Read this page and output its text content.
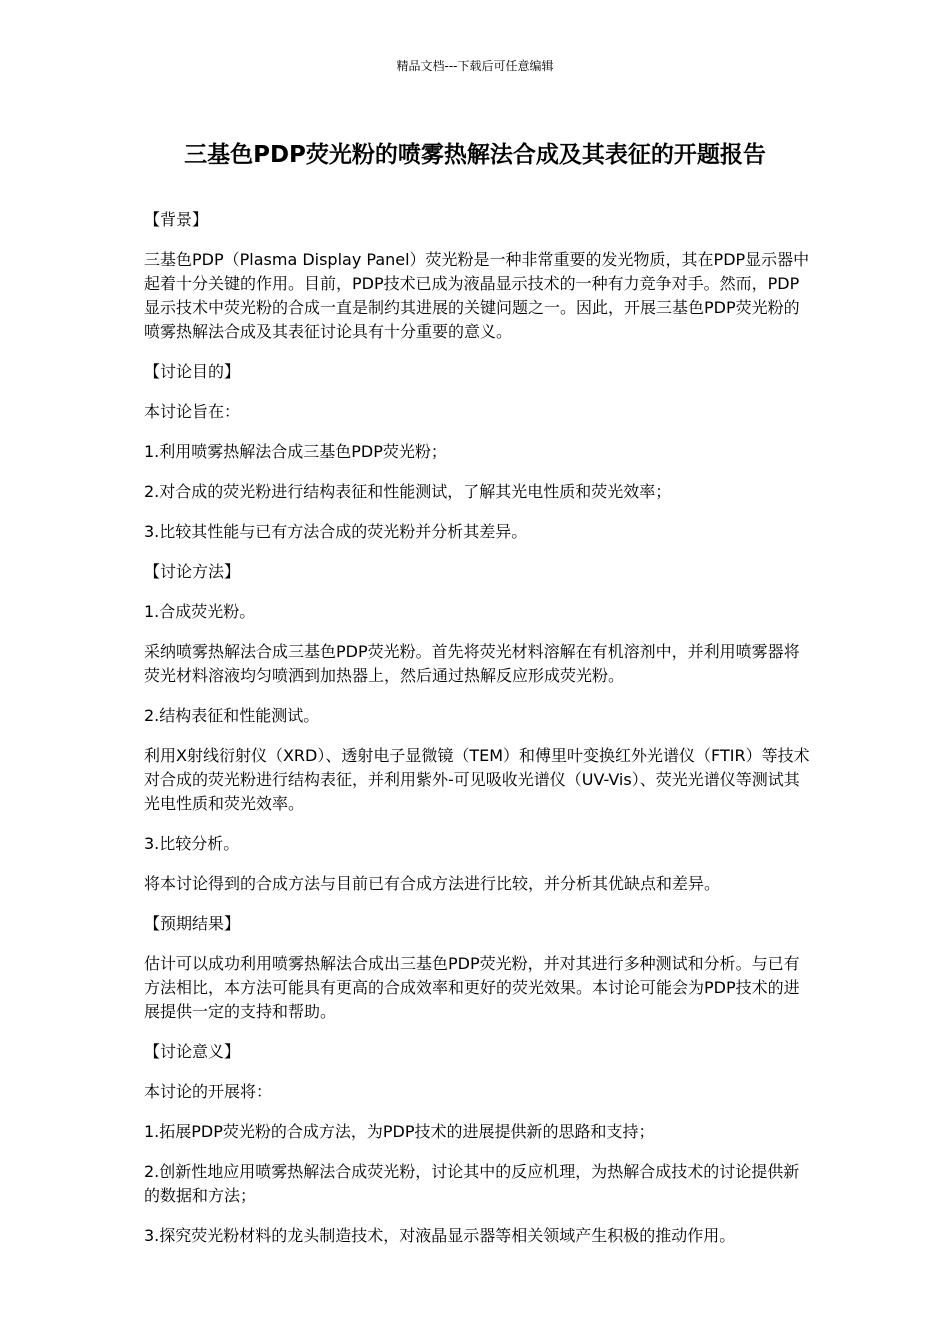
精品文档---下载后可任意编辑
三基色PDP荧光粉的喷雾热解法合成及其表征的开题报告

【背景】

三基色PDP（Plasma Display Panel）荧光粉是一种非常重要的发光物质，其在PDP显示器中起着十分关键的作用。目前，PDP技术已成为液晶显示技术的一种有力竞争对手。然而，PDP显示技术中荧光粉的合成一直是制约其进展的关键问题之一。因此，开展三基色PDP荧光粉的喷雾热解法合成及其表征讨论具有十分重要的意义。

【讨论目的】

本讨论旨在：

1.利用喷雾热解法合成三基色PDP荧光粉；

2.对合成的荧光粉进行结构表征和性能测试，了解其光电性质和荧光效率；

3.比较其性能与已有方法合成的荧光粉并分析其差异。

【讨论方法】

1.合成荧光粉。

采纳喷雾热解法合成三基色PDP荧光粉。首先将荧光材料溶解在有机溶剂中，并利用喷雾器将荧光材料溶液均匀喷洒到加热器上，然后通过热解反应形成荧光粉。

2.结构表征和性能测试。

利用X射线衍射仪（XRD）、透射电子显微镜（TEM）和傅里叶变换红外光谱仪（FTIR）等技术对合成的荧光粉进行结构表征，并利用紫外-可见吸收光谱仪（UV-Vis）、荧光光谱仪等测试其光电性质和荧光效率。

3.比较分析。

将本讨论得到的合成方法与目前已有合成方法进行比较，并分析其优缺点和差异。

【预期结果】

估计可以成功利用喷雾热解法合成出三基色PDP荧光粉，并对其进行多种测试和分析。与已有方法相比，本方法可能具有更高的合成效率和更好的荧光效果。本讨论可能会为PDP技术的进展提供一定的支持和帮助。

【讨论意义】

本讨论的开展将：

1.拓展PDP荧光粉的合成方法，为PDP技术的进展提供新的思路和支持；

2.创新性地应用喷雾热解法合成荧光粉，讨论其中的反应机理，为热解合成技术的讨论提供新的数据和方法；

3.探究荧光粉材料的龙头制造技术，对液晶显示器等相关领域产生积极的推动作用。
